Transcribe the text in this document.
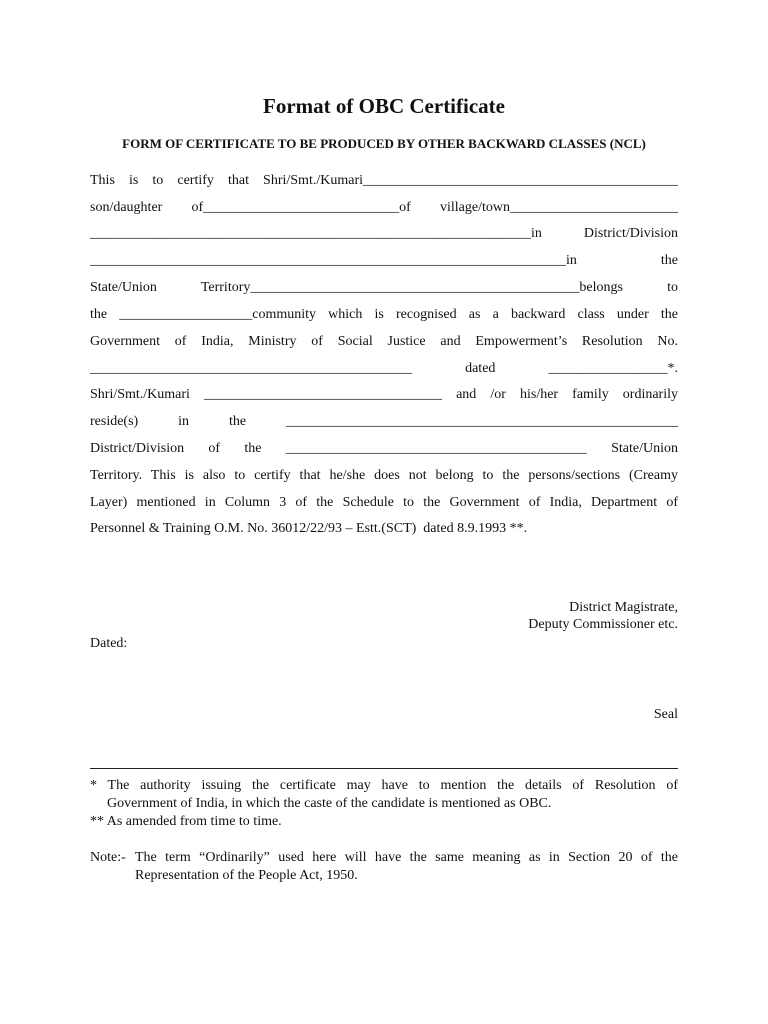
Format of OBC Certificate
FORM OF CERTIFICATE TO BE PRODUCED BY OTHER BACKWARD CLASSES (NCL)
This is to certify that Shri/Smt./Kumari_____________________________________________
son/daughter of____________________________of village/town________________________
_______________________________________________________________in District/Division
____________________________________________________________________in the
State/Union Territory_______________________________________________belongs to
the ___________________community which is recognised as a backward class under the
Government of India, Ministry of Social Justice and Empowerment’s Resolution No.
______________________________________________ dated _________________*.
Shri/Smt./Kumari __________________________________ and /or his/her family ordinarily
reside(s) in the ________________________________________________________
District/Division of the ___________________________________________ State/Union
Territory. This is also to certify that he/she does not belong to the persons/sections (Creamy
Layer) mentioned in Column 3 of the Schedule to the Government of India, Department of
Personnel & Training O.M. No. 36012/22/93 – Estt.(SCT)  dated 8.9.1993 **.
District Magistrate,
Deputy Commissioner etc.
Dated:
Seal
* The authority issuing the certificate may have to mention the details of Resolution of
Government of India, in which the caste of the candidate is mentioned as OBC.
** As amended from time to time.
Note:- The term “Ordinarily” used here will have the same meaning as in Section 20 of the
Representation of the People Act, 1950.
